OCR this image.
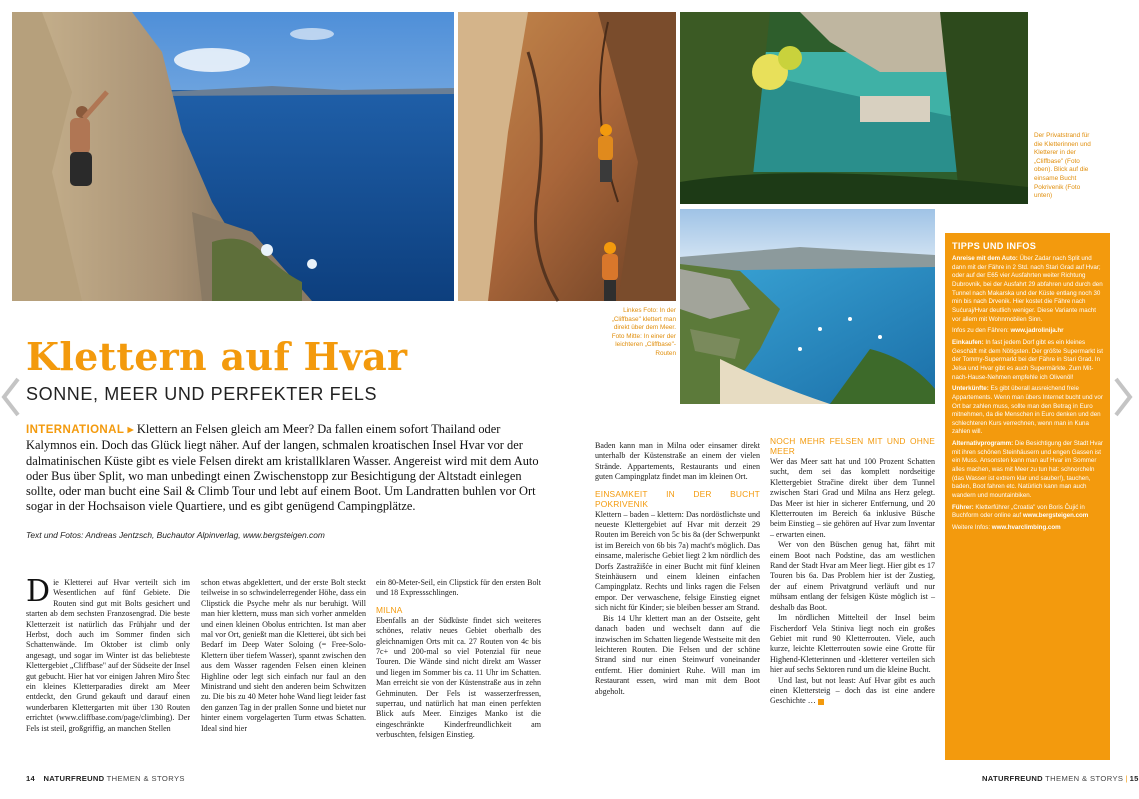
Linkes Foto: In der „Cliffbase" klettert man direkt über dem Meer. Foto Mitte: In einer der leichteren „Cliffbase"-Routen
Der Privatstrand für die Kletterinnen und Kletterer in der „Cliffbase" (Foto oben). Blick auf die einsame Bucht Pokrivenik (Foto unten)
Klettern auf Hvar
SONNE, MEER UND PERFEKTER FELS
INTERNATIONAL ▸ Klettern an Felsen gleich am Meer? Da fallen einem sofort Thailand oder Kalymnos ein. Doch das Glück liegt näher. Auf der langen, schmalen kroatischen Insel Hvar vor der dalmatinischen Küste gibt es viele Felsen direkt am kristallklaren Wasser. Angereist wird mit dem Auto oder Bus über Split, wo man unbedingt einen Zwischenstopp zur Besichtigung der Altstadt einlegen sollte, oder man bucht eine Sail & Climb Tour und lebt auf einem Boot. Um Landratten buhlen vor Ort sogar in der Hochsaison viele Quartiere, und es gibt genügend Campingplätze.
Text und Fotos: Andreas Jentzsch, Buchautor Alpinverlag, www.bergsteigen.com

Die Kletterei auf Hvar verteilt sich im Wesentlichen auf fünf Gebiete. Die Routen sind gut mit Bolts gesichert und starten ab dem sechsten Franzosengrad. Die beste Kletterzeit ist natürlich das Frühjahr und der Herbst, doch auch im Sommer finden sich Schattenwände. Im Oktober ist climb only angesagt, und sogar im Winter ist das beliebteste Klettergebiet „Cliffbase" auf der Südseite der Insel gut gebucht. Hier hat vor einigen Jahren Miro Štec ein kleines Kletterparadies direkt am Meer entdeckt, den Grund gekauft und darauf einen wunderbaren Klettergarten mit über 130 Routen errichtet (www.cliffbase.com/page/climbing). Der Fels ist steil, großgriffig, an manchen Stellen

schon etwas abgeklettert, und der erste Bolt steckt teilweise in so schwindelerregender Höhe, dass ein Clipstick die Psyche mehr als nur beruhigt. Will man hier klettern, muss man sich vorher anmelden und einen kleinen Obolus entrichten. Ist man aber mal vor Ort, genießt man die Kletterei, übt sich bei Bedarf im Deep Water Soloing (= Free-Solo-Klettern über tiefem Wasser), spannt zwischen den aus dem Wasser ragenden Felsen einen kleinen Highline oder legt sich einfach nur faul an den Ministrand und sieht den anderen beim Schwitzen zu. Die bis zu 40 Meter hohe Wand liegt leider fast den ganzen Tag in der prallen Sonne und bietet nur hinter einem vorgelagerten Turm etwas Schatten. Ideal sind hier

ein 80-Meter-Seil, ein Clipstick für den ersten Bolt und 18 Expressschlingen.

MILNA

Ebenfalls an der Südküste findet sich weiteres schönes, relativ neues Gebiet oberhalb des gleichnamigen Orts mit ca. 27 Routen von 4c bis 7c+ und 200-mal so viel Potenzial für neue Touren. Die Wände sind nicht direkt am Wasser und liegen im Sommer bis ca. 11 Uhr im Schatten. Man erreicht sie von der Küstenstraße aus in zehn Gehminuten. Der Fels ist wasserzerfressen, superrau, und natürlich hat man einen perfekten Blick aufs Meer. Einziges Manko ist die eingeschränkte Kinderfreundlichkeit am verbuschten, felsigen Einstieg.

Baden kann man in Milna oder einsamer direkt unterhalb der Küstenstraße an einem der vielen Strände. Appartements, Restaurants und einen guten Campingplatz findet man im kleinen Ort.

EINSAMKEIT IN DER BUCHT POKRIVENIK

Klettern – baden – klettern: Das nordöstlichste und neueste Klettergebiet auf Hvar mit derzeit 29 Routen im Bereich von 5c bis 8a (der Schwerpunkt ist im Bereich von 6b bis 7a) macht's möglich. Das einsame, malerische Gebiet liegt 2 km nördlich des Dorfs Zastražišće in einer Bucht mit fünf kleinen Steinhäusern und einem kleinen einfachen Campingplatz. Rechts und links ragen die Felsen empor. Der verwaschene, felsige Einstieg eignet sich nicht für Kinder; sie bleiben besser am Strand.

Bis 14 Uhr klettert man an der Ostseite, geht danach baden und wechselt dann auf die inzwischen im Schatten liegende Westseite mit den leichteren Routen. Die Felsen und der schöne Strand sind nur einen Steinwurf voneinander entfernt. Hier dominiert Ruhe. Will man im Restaurant essen, wird man mit dem Boot abgeholt.

NOCH MEHR FELSEN MIT UND OHNE MEER

Wer das Meer satt hat und 100 Prozent Schatten sucht, dem sei das komplett nordseitige Klettergebiet Stračine direkt über dem Tunnel zwischen Stari Grad und Milna ans Herz gelegt. Das Meer ist hier in sicherer Entfernung, und 20 Kletterrouten im Bereich 6a inklusive Büsche beim Einstieg – sie gehören auf Hvar zum Inventar – erwarten einen.

Wer von den Büschen genug hat, fährt mit einem Boot nach Podstine, das am westlichen Rand der Stadt Hvar am Meer liegt. Hier gibt es 17 Touren bis 6a. Das Problem hier ist der Zustieg, der auf einem Privatgrund verläuft und nur mühsam entlang der felsigen Küste möglich ist – deshalb das Boot.

Im nördlichen Mittelteil der Insel beim Fischerdorf Vela Stiniva liegt noch ein großes Gebiet mit rund 90 Kletterrouten. Viele, auch kurze, leichte Kletterrouten sowie eine Grotte für Highend-Kletterinnen und -kletterer verteilen sich hier auf sechs Sektoren rund um die kleine Bucht.

Und last, but not least: Auf Hvar gibt es auch einen Klettersteig – doch das ist eine andere Geschichte …

TIPPS UND INFOS
Anreise mit dem Auto: Über Zadar nach Split und dann mit der Fähre in 2 Std. nach Stari Grad auf Hvar; oder auf der E65 vier Ausfahrten weiter Richtung Dubrovnik, bei der Ausfahrt 29 abfahren und durch den Tunnel nach Makarska und der Küste entlang noch 30 min bis nach Drvenik. Hier kostet die Fähre nach Sućuraj/Hvar deutlich weniger. Diese Variante macht vor allem mit Wohnmobilen Sinn.
Infos zu den Fähren: www.jadrolinija.hr
Einkaufen: In fast jedem Dorf gibt es ein kleines Geschäft mit dem Nötigsten. Der größte Supermarkt ist der Tommy-Supermarkt bei der Fähre in Stari Grad. In Jelsa und Hvar gibt es auch Supermärkte. Zum Mit-nach-Hause-Nehmen empfehle ich Olivenöl!
Unterkünfte: Es gibt überall ausreichend freie Appartements. Wenn man übers Internet bucht und vor Ort bar zahlen muss, sollte man den Betrag in Euro mitnehmen, da die Menschen in Euro denken und den schlechteren Kurs verrechnen, wenn man in Kuna zahlen will.
Alternativprogramm: Die Besichtigung der Stadt Hvar mit ihren schönen Steinhäusern und engen Gassen ist ein Muss. Ansonsten kann man auf Hvar im Sommer alles machen, was mit Meer zu tun hat: schnorcheln (das Wasser ist extrem klar und sauber!), tauchen, baden, Boot fahren etc. Natürlich kann man auch wandern und mountainbiken.
Führer: Kletterführer „Croatia" von Boris Čujić in Buchform oder online auf www.bergsteigen.com
Weitere Infos: www.hvarclimbing.com
14 NATURFREUND THEMEN & STORYS	NATURFREUND THEMEN & STORYS | 15
